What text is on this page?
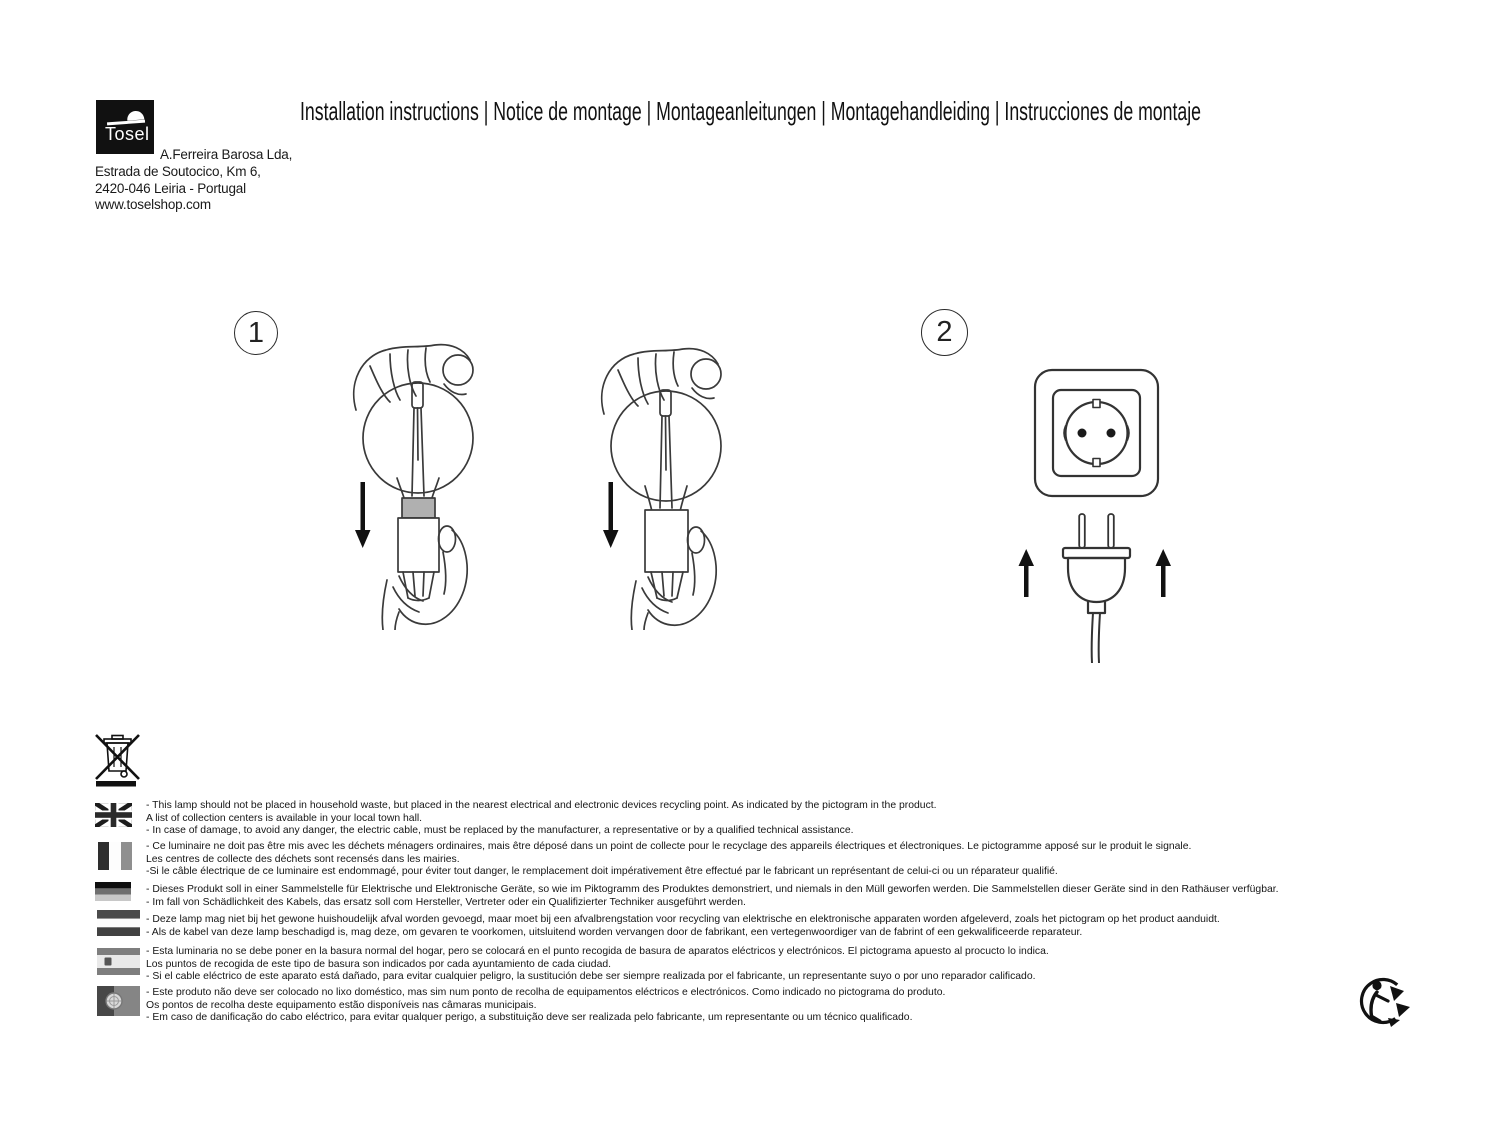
Tosel
A.Ferreira Barosa Lda,
Estrada de Soutocico, Km 6,
2420-046 Leiria - Portugal
www.toselshop.com
Installation instructions | Notice de montage | Montageanleitungen | Montagehandleiding | Instrucciones de montaje
1	2
- This lamp should not be placed in household waste, but placed in the nearest electrical and electronic devices recycling point. As indicated by the pictogram in the product.
A list of collection centers is available in your local town hall.
- In case of damage, to avoid any danger, the electric cable, must be replaced by the manufacturer, a representative or by a qualified technical assistance.
- Ce luminaire ne doit pas être mis avec les déchets ménagers ordinaires, mais être déposé dans un point de collecte pour le recyclage des appareils électriques et électroniques. Le pictogramme apposé sur le produit le signale.
Les centres de collecte des déchets sont recensés dans les mairies.
-Si le câble électrique de ce luminaire est endommagé, pour éviter tout danger, le remplacement doit impérativement être effectué par le fabricant un représentant de celui-ci ou un réparateur qualifié.
- Dieses Produkt soll in einer Sammelstelle für Elektrische und Elektronische Geräte, so wie im Piktogramm des Produktes demonstriert, und niemals in den Müll geworfen werden. Die Sammelstellen dieser Geräte sind in den Rathäuser verfügbar.
- Im fall von Schädlichkeit des Kabels, das ersatz soll com Hersteller, Vertreter oder ein Qualifizierter Techniker ausgeführt werden.
- Deze lamp mag niet bij het gewone huishoudelijk afval worden gevoegd, maar moet bij een afvalbrengstation voor recycling van elektrische en elektronische apparaten worden afgeleverd, zoals het pictogram op het product aanduidt.
- Als de kabel van deze lamp beschadigd is, mag deze, om gevaren te voorkomen, uitsluitend worden vervangen door de fabrikant, een vertegenwoordiger van de fabrint of een gekwalificeerde reparateur.
- Esta luminaria no se debe poner en la basura normal del hogar, pero se colocará en el punto recogida de basura de aparatos eléctricos y electrónicos. El pictograma apuesto al procucto lo indica.
Los puntos de recogida de este tipo de basura son indicados por cada ayuntamiento de cada ciudad.
- Si el cable eléctrico de este aparato está dañado, para evitar cualquier peligro, la sustitución debe ser siempre realizada por el fabricante, un representante suyo o por uno reparador calificado.
- Este produto não deve ser colocado no lixo doméstico, mas sim num ponto de recolha de equipamentos eléctricos e electrónicos. Como indicado no pictograma do produto.
Os pontos de recolha deste equipamento estão disponíveis nas câmaras municipais.
- Em caso de danificação do cabo eléctrico, para evitar qualquer perigo, a substituição deve ser realizada pelo fabricante, um representante ou um técnico qualificado.
